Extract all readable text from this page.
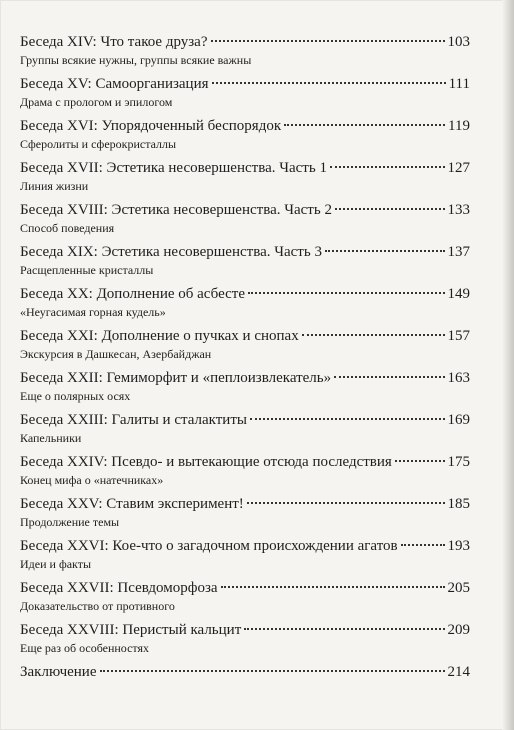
Беседа XIV: Что такое друза?	103
Группы всякие нужны, группы всякие важны
Беседа XV: Самоорганизация	111
Драма с прологом и эпилогом
Беседа XVI: Упорядоченный беспорядок	119
Сферолиты и сферокристаллы
Беседа XVII: Эстетика несовершенства. Часть 1	127
Линия жизни
Беседа XVIII: Эстетика несовершенства. Часть 2	133
Способ поведения
Беседа XIX: Эстетика несовершенства. Часть 3	137
Расщепленные кристаллы
Беседа XX: Дополнение об асбесте	149
«Неугасимая горная кудель»
Беседа XXI: Дополнение о пучках и снопах	157
Экскурсия в Дашкесан, Азербайджан
Беседа XXII: Гемиморфит и «пеплоизвлекатель»	163
Еще о полярных осях
Беседа XXIII: Галиты и сталактиты	169
Капельники
Беседа XXIV: Псевдо- и вытекающие отсюда последствия	175
Конец мифа о «натечниках»
Беседа XXV: Ставим эксперимент!	185
Продолжение темы
Беседа XXVI: Кое-что о загадочном происхождении агатов	193
Идеи и факты
Беседа XXVII: Псевдоморфоза	205
Доказательство от противного
Беседа XXVIII: Перистый кальцит	209
Еще раз об особенностях
Заключение	214
